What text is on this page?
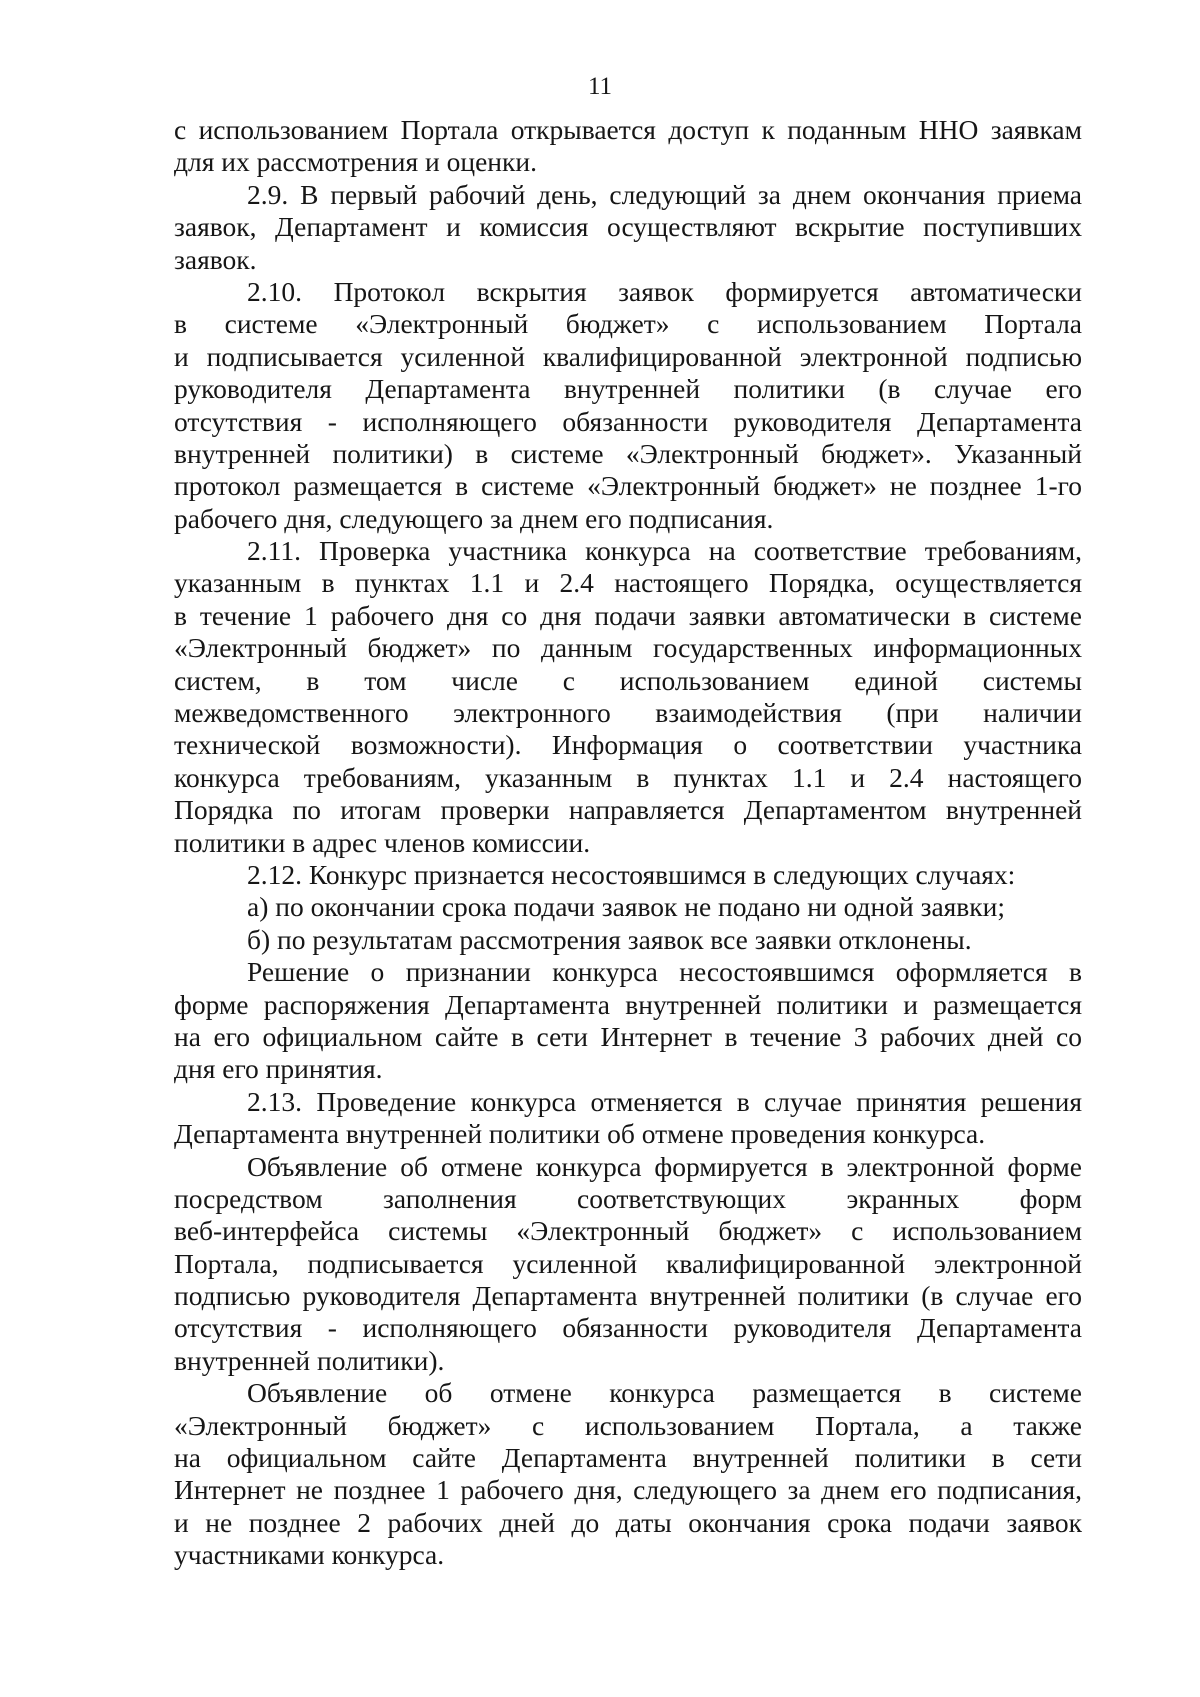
11
с использованием Портала открывается доступ к поданным ННО заявкам
для их рассмотрения и оценки.
2.9. В первый рабочий день, следующий за днем окончания приема
заявок, Департамент и комиссия осуществляют вскрытие поступивших
заявок.
2.10. Протокол вскрытия заявок формируется автоматически
в системе «Электронный бюджет» с использованием Портала
и подписывается усиленной квалифицированной электронной подписью
руководителя Департамента внутренней политики (в случае его
отсутствия - исполняющего обязанности руководителя Департамента
внутренней политики) в системе «Электронный бюджет». Указанный
протокол размещается в системе «Электронный бюджет» не позднее 1-го
рабочего дня, следующего за днем его подписания.
2.11. Проверка участника конкурса на соответствие требованиям,
указанным в пунктах 1.1 и 2.4 настоящего Порядка, осуществляется
в течение 1 рабочего дня со дня подачи заявки автоматически в системе
«Электронный бюджет» по данным государственных информационных
систем, в том числе с использованием единой системы
межведомственного электронного взаимодействия (при наличии
технической возможности). Информация о соответствии участника
конкурса требованиям, указанным в пунктах 1.1 и 2.4 настоящего
Порядка по итогам проверки направляется Департаментом внутренней
политики в адрес членов комиссии.
2.12. Конкурс признается несостоявшимся в следующих случаях:
а) по окончании срока подачи заявок не подано ни одной заявки;
б) по результатам рассмотрения заявок все заявки отклонены.
Решение о признании конкурса несостоявшимся оформляется в
форме распоряжения Департамента внутренней политики и размещается
на его официальном сайте в сети Интернет в течение 3 рабочих дней со
дня его принятия.
2.13. Проведение конкурса отменяется в случае принятия решения
Департамента внутренней политики об отмене проведения конкурса.
Объявление об отмене конкурса формируется в электронной форме
посредством заполнения соответствующих экранных форм
веб-интерфейса системы «Электронный бюджет» с использованием
Портала, подписывается усиленной квалифицированной электронной
подписью руководителя Департамента внутренней политики (в случае его
отсутствия - исполняющего обязанности руководителя Департамента
внутренней политики).
Объявление об отмене конкурса размещается в системе
«Электронный бюджет» с использованием Портала, а также
на официальном сайте Департамента внутренней политики в сети
Интернет не позднее 1 рабочего дня, следующего за днем его подписания,
и не позднее 2 рабочих дней до даты окончания срока подачи заявок
участниками конкурса.
